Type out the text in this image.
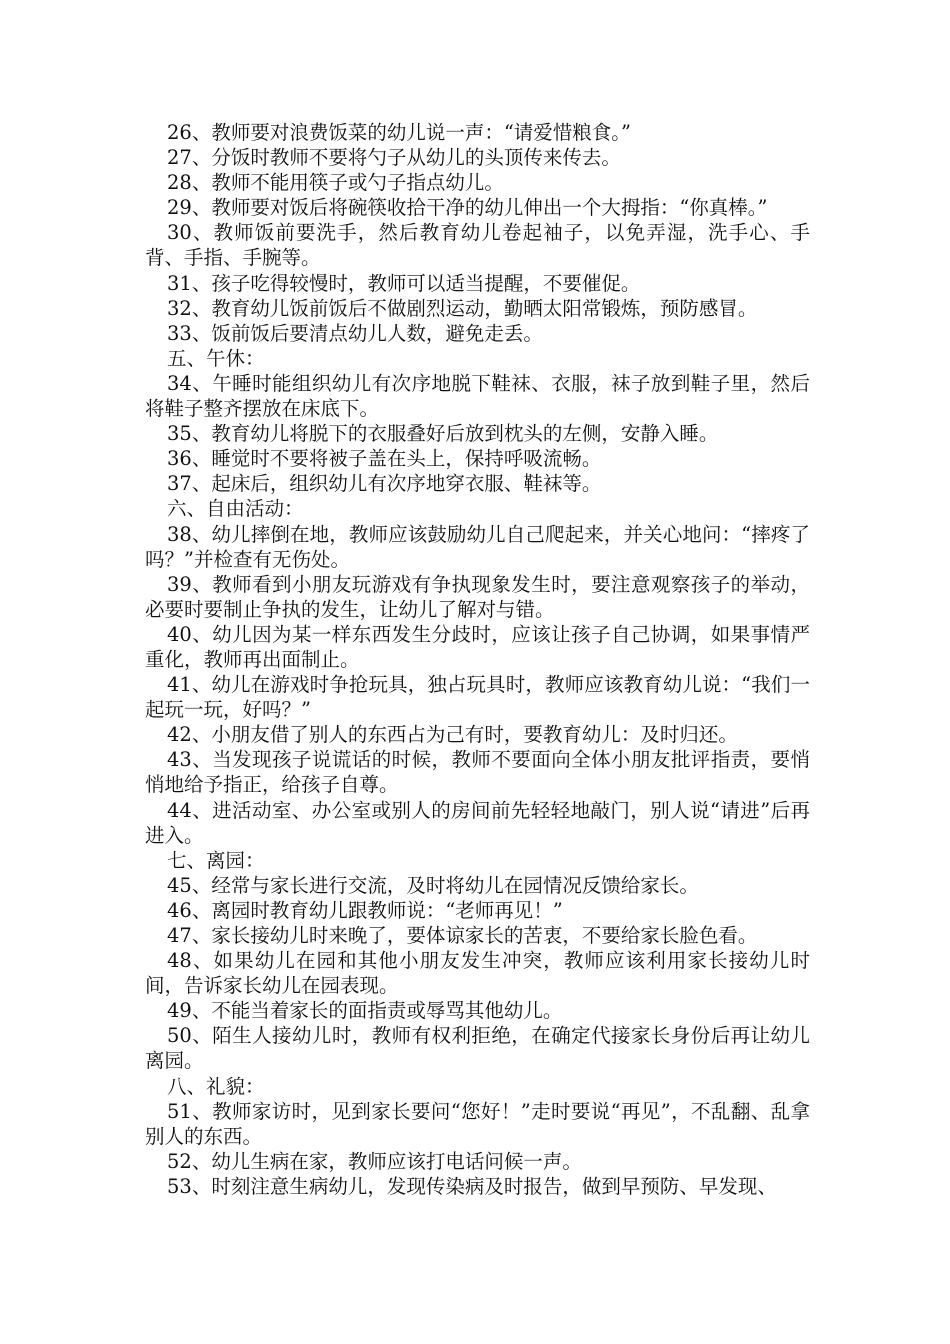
26、教师要对浪费饭菜的幼儿说一声：“请爱惜粮食。”

27、分饭时教师不要将勺子从幼儿的头顶传来传去。

28、教师不能用筷子或勺子指点幼儿。

29、教师要对饭后将碗筷收拾干净的幼儿伸出一个大拇指：“你真棒。”

30、教师饭前要洗手，然后教育幼儿卷起袖子，以免弄湿，洗手心、手背、手指、手腕等。

31、孩子吃得较慢时，教师可以适当提醒，不要催促。

32、教育幼儿饭前饭后不做剧烈运动，勤晒太阳常锻炼，预防感冒。

33、饭前饭后要清点幼儿人数，避免走丢。

五、午休：

34、午睡时能组织幼儿有次序地脱下鞋袜、衣服，袜子放到鞋子里，然后将鞋子整齐摆放在床底下。

35、教育幼儿将脱下的衣服叠好后放到枕头的左侧，安静入睡。

36、睡觉时不要将被子盖在头上，保持呼吸流畅。

37、起床后，组织幼儿有次序地穿衣服、鞋袜等。

六、自由活动：

38、幼儿摔倒在地，教师应该鼓励幼儿自己爬起来，并关心地问：“摔疼了吗？”并检查有无伤处。

39、教师看到小朋友玩游戏有争执现象发生时，要注意观察孩子的举动，必要时要制止争执的发生，让幼儿了解对与错。

40、幼儿因为某一样东西发生分歧时，应该让孩子自己协调，如果事情严重化，教师再出面制止。

41、幼儿在游戏时争抢玩具，独占玩具时，教师应该教育幼儿说：“我们一起玩一玩，好吗？”

42、小朋友借了别人的东西占为己有时，要教育幼儿：及时归还。

43、当发现孩子说谎话的时候，教师不要面向全体小朋友批评指责，要悄悄地给予指正，给孩子自尊。

44、进活动室、办公室或别人的房间前先轻轻地敲门，别人说“请进”后再进入。

七、离园：

45、经常与家长进行交流，及时将幼儿在园情况反馈给家长。

46、离园时教育幼儿跟教师说：“老师再见！”

47、家长接幼儿时来晚了，要体谅家长的苦衷，不要给家长脸色看。

48、如果幼儿在园和其他小朋友发生冲突，教师应该利用家长接幼儿时间，告诉家长幼儿在园表现。

49、不能当着家长的面指责或辱骂其他幼儿。

50、陌生人接幼儿时，教师有权利拒绝，在确定代接家长身份后再让幼儿离园。

八、礼貌：

51、教师家访时，见到家长要问“您好！”走时要说“再见”，不乱翻、乱拿别人的东西。

52、幼儿生病在家，教师应该打电话问候一声。

53、时刻注意生病幼儿，发现传染病及时报告，做到早预防、早发现、
